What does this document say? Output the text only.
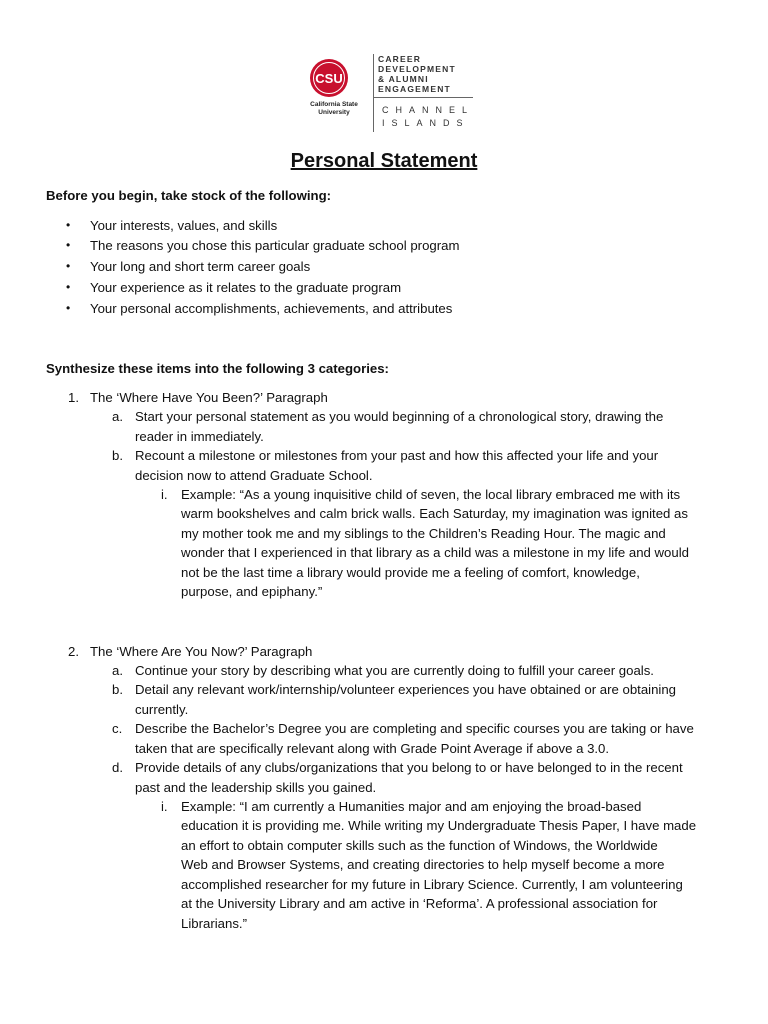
CSU
California State
University
CAREER
DEVELOPMENT
& ALUMNI
ENGAGEMENT
CHANNEL
ISLANDS
Personal Statement
Before you begin, take stock of the following:
• Your interests, values, and skills
• The reasons you chose this particular graduate school program
• Your long and short term career goals
• Your experience as it relates to the graduate program
• Your personal accomplishments, achievements, and attributes
Synthesize these items into the following 3 categories:
1. The ‘Where Have You Been?’ Paragraph
a. Start your personal statement as you would beginning of a chronological story, drawing the
reader in immediately.
b. Recount a milestone or milestones from your past and how this affected your life and your
decision now to attend Graduate School.
i. Example: “As a young inquisitive child of seven, the local library embraced me with its
warm bookshelves and calm brick walls. Each Saturday, my imagination was ignited as
my mother took me and my siblings to the Children’s Reading Hour. The magic and
wonder that I experienced in that library as a child was a milestone in my life and would
not be the last time a library would provide me a feeling of comfort, knowledge,
purpose, and epiphany.”
2. The ‘Where Are You Now?’ Paragraph
a. Continue your story by describing what you are currently doing to fulfill your career goals.
b. Detail any relevant work/internship/volunteer experiences you have obtained or are obtaining
currently.
c. Describe the Bachelor’s Degree you are completing and specific courses you are taking or have
taken that are specifically relevant along with Grade Point Average if above a 3.0.
d. Provide details of any clubs/organizations that you belong to or have belonged to in the recent
past and the leadership skills you gained.
i. Example: “I am currently a Humanities major and am enjoying the broad-based
education it is providing me. While writing my Undergraduate Thesis Paper, I have made
an effort to obtain computer skills such as the function of Windows, the Worldwide
Web and Browser Systems, and creating directories to help myself become a more
accomplished researcher for my future in Library Science. Currently, I am volunteering
at the University Library and am active in ‘Reforma’. A professional association for
Librarians.”
